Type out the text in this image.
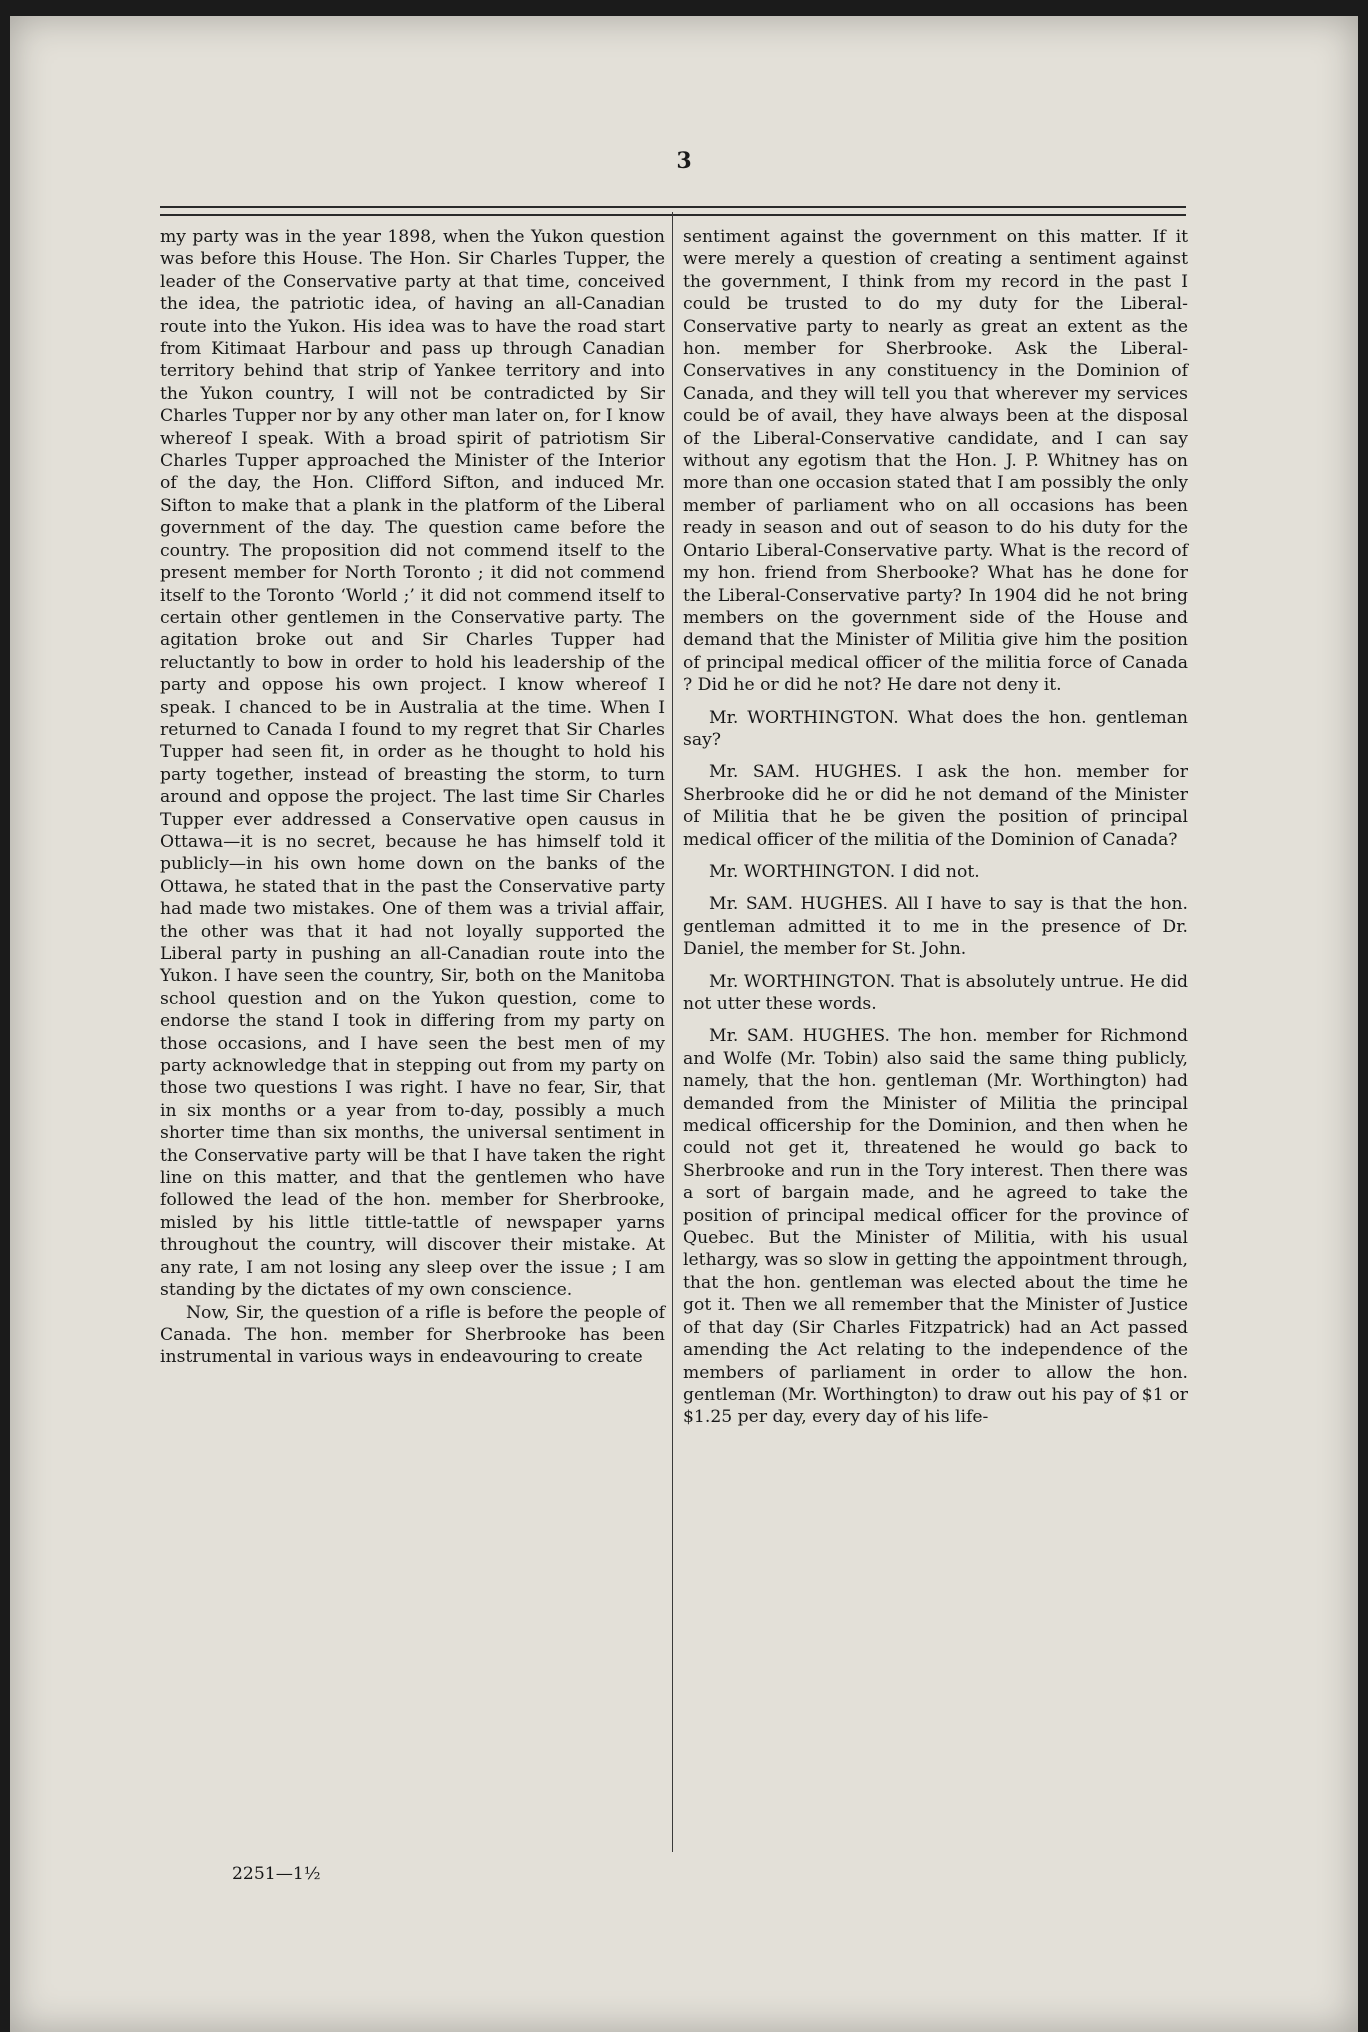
3

my party was in the year 1898, when the Yukon question was before this House. The Hon. Sir Charles Tupper, the leader of the Conservative party at that time, conceived the idea, the patriotic idea, of having an all-Canadian route into the Yukon. His idea was to have the road start from Kitimaat Harbour and pass up through Canadian territory behind that strip of Yankee territory and into the Yukon country, I will not be contradicted by Sir Charles Tupper nor by any other man later on, for I know whereof I speak. With a broad spirit of patriotism Sir Charles Tupper approached the Minister of the Interior of the day, the Hon. Clifford Sifton, and induced Mr. Sifton to make that a plank in the platform of the Liberal government of the day. The question came before the country. The proposition did not commend itself to the present member for North Toronto ; it did not commend itself to the Toronto ‘World ;’ it did not commend itself to certain other gentlemen in the Conservative party. The agitation broke out and Sir Charles Tupper had reluctantly to bow in order to hold his leadership of the party and oppose his own project. I know whereof I speak. I chanced to be in Australia at the time. When I returned to Canada I found to my regret that Sir Charles Tupper had seen fit, in order as he thought to hold his party together, instead of breasting the storm, to turn around and oppose the project. The last time Sir Charles Tupper ever addressed a Conservative open causus in Ottawa—it is no secret, because he has himself told it publicly—in his own home down on the banks of the Ottawa, he stated that in the past the Conservative party had made two mistakes. One of them was a trivial affair, the other was that it had not loyally supported the Liberal party in pushing an all-Canadian route into the Yukon. I have seen the country, Sir, both on the Manitoba school question and on the Yukon question, come to endorse the stand I took in differing from my party on those occasions, and I have seen the best men of my party acknowledge that in stepping out from my party on those two questions I was right. I have no fear, Sir, that in six months or a year from to-day, possibly a much shorter time than six months, the universal sentiment in the Conservative party will be that I have taken the right line on this matter, and that the gentlemen who have followed the lead of the hon. member for Sherbrooke, misled by his little tittle-tattle of newspaper yarns throughout the country, will discover their mistake. At any rate, I am not losing any sleep over the issue ; I am standing by the dictates of my own conscience.

Now, Sir, the question of a rifle is before the people of Canada. The hon. member for Sherbrooke has been instrumental in various ways in endeavouring to create

sentiment against the government on this matter. If it were merely a question of creating a sentiment against the government, I think from my record in the past I could be trusted to do my duty for the Liberal-Conservative party to nearly as great an extent as the hon. member for Sherbrooke. Ask the Liberal-Conservatives in any constituency in the Dominion of Canada, and they will tell you that wherever my services could be of avail, they have always been at the disposal of the Liberal-Conservative candidate, and I can say without any egotism that the Hon. J. P. Whitney has on more than one occasion stated that I am possibly the only member of parliament who on all occasions has been ready in season and out of season to do his duty for the Ontario Liberal-Conservative party. What is the record of my hon. friend from Sherbooke? What has he done for the Liberal-Conservative party? In 1904 did he not bring members on the government side of the House and demand that the Minister of Militia give him the position of principal medical officer of the militia force of Canada ? Did he or did he not? He dare not deny it.

Mr. WORTHINGTON. What does the hon. gentleman say?

Mr. SAM. HUGHES. I ask the hon. member for Sherbrooke did he or did he not demand of the Minister of Militia that he be given the position of principal medical officer of the militia of the Dominion of Canada?

Mr. WORTHINGTON. I did not.

Mr. SAM. HUGHES. All I have to say is that the hon. gentleman admitted it to me in the presence of Dr. Daniel, the member for St. John.

Mr. WORTHINGTON. That is absolutely untrue. He did not utter these words.

Mr. SAM. HUGHES. The hon. member for Richmond and Wolfe (Mr. Tobin) also said the same thing publicly, namely, that the hon. gentleman (Mr. Worthington) had demanded from the Minister of Militia the principal medical officership for the Dominion, and then when he could not get it, threatened he would go back to Sherbrooke and run in the Tory interest. Then there was a sort of bargain made, and he agreed to take the position of principal medical officer for the province of Quebec. But the Minister of Militia, with his usual lethargy, was so slow in getting the appointment through, that the hon. gentleman was elected about the time he got it. Then we all remember that the Minister of Justice of that day (Sir Charles Fitzpatrick) had an Act passed amending the Act relating to the independence of the members of parliament in order to allow the hon. gentleman (Mr. Worthington) to draw out his pay of $1 or $1.25 per day, every day of his life-

2251—1½
